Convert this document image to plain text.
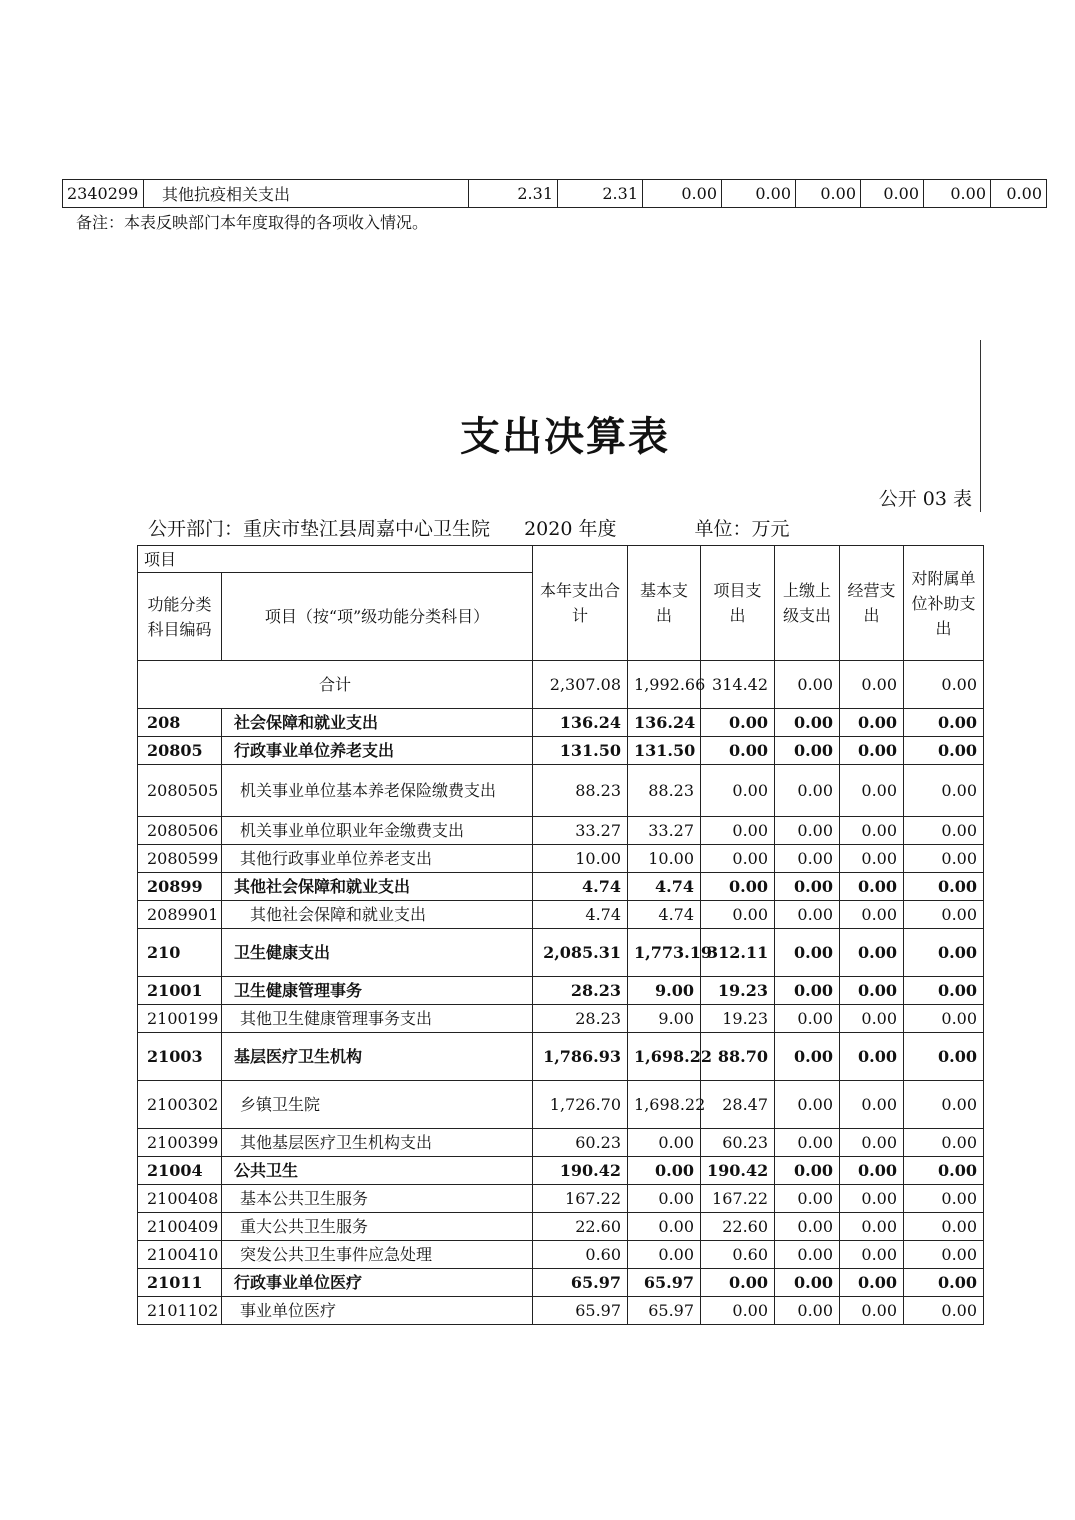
2340299	其他抗疫相关支出	2.31	2.31	0.00	0.00	0.00	0.00	0.00	0.00
备注：本表反映部门本年度取得的各项收入情况。
支出决算表
公开 03 表
公开部门：重庆市垫江县周嘉中心卫生院 2020 年度	单位：万元
项目		本年支出合计	基本支出	项目支出	上缴上级支出	经营支出	对附属单位补助支出
功能分类科目编码	项目（按“项”级功能分类科目）						
合计		2,307.08	1,992.66	314.42	0.00	0.00	0.00
208	社会保障和就业支出	136.24	136.24	0.00	0.00	0.00	0.00
20805	行政事业单位养老支出	131.50	131.50	0.00	0.00	0.00	0.00
2080505	机关事业单位基本养老保险缴费支出	88.23	88.23	0.00	0.00	0.00	0.00
2080506	机关事业单位职业年金缴费支出	33.27	33.27	0.00	0.00	0.00	0.00
2080599	其他行政事业单位养老支出	10.00	10.00	0.00	0.00	0.00	0.00
20899	其他社会保障和就业支出	4.74	4.74	0.00	0.00	0.00	0.00
2089901	其他社会保障和就业支出	4.74	4.74	0.00	0.00	0.00	0.00
210	卫生健康支出	2,085.31	1,773.19	312.11	0.00	0.00	0.00
21001	卫生健康管理事务	28.23	9.00	19.23	0.00	0.00	0.00
2100199	其他卫生健康管理事务支出	28.23	9.00	19.23	0.00	0.00	0.00
21003	基层医疗卫生机构	1,786.93	1,698.22	88.70	0.00	0.00	0.00
2100302	乡镇卫生院	1,726.70	1,698.22	28.47	0.00	0.00	0.00
2100399	其他基层医疗卫生机构支出	60.23	0.00	60.23	0.00	0.00	0.00
21004	公共卫生	190.42	0.00	190.42	0.00	0.00	0.00
2100408	基本公共卫生服务	167.22	0.00	167.22	0.00	0.00	0.00
2100409	重大公共卫生服务	22.60	0.00	22.60	0.00	0.00	0.00
2100410	突发公共卫生事件应急处理	0.60	0.00	0.60	0.00	0.00	0.00
21011	行政事业单位医疗	65.97	65.97	0.00	0.00	0.00	0.00
2101102	事业单位医疗	65.97	65.97	0.00	0.00	0.00	0.00
